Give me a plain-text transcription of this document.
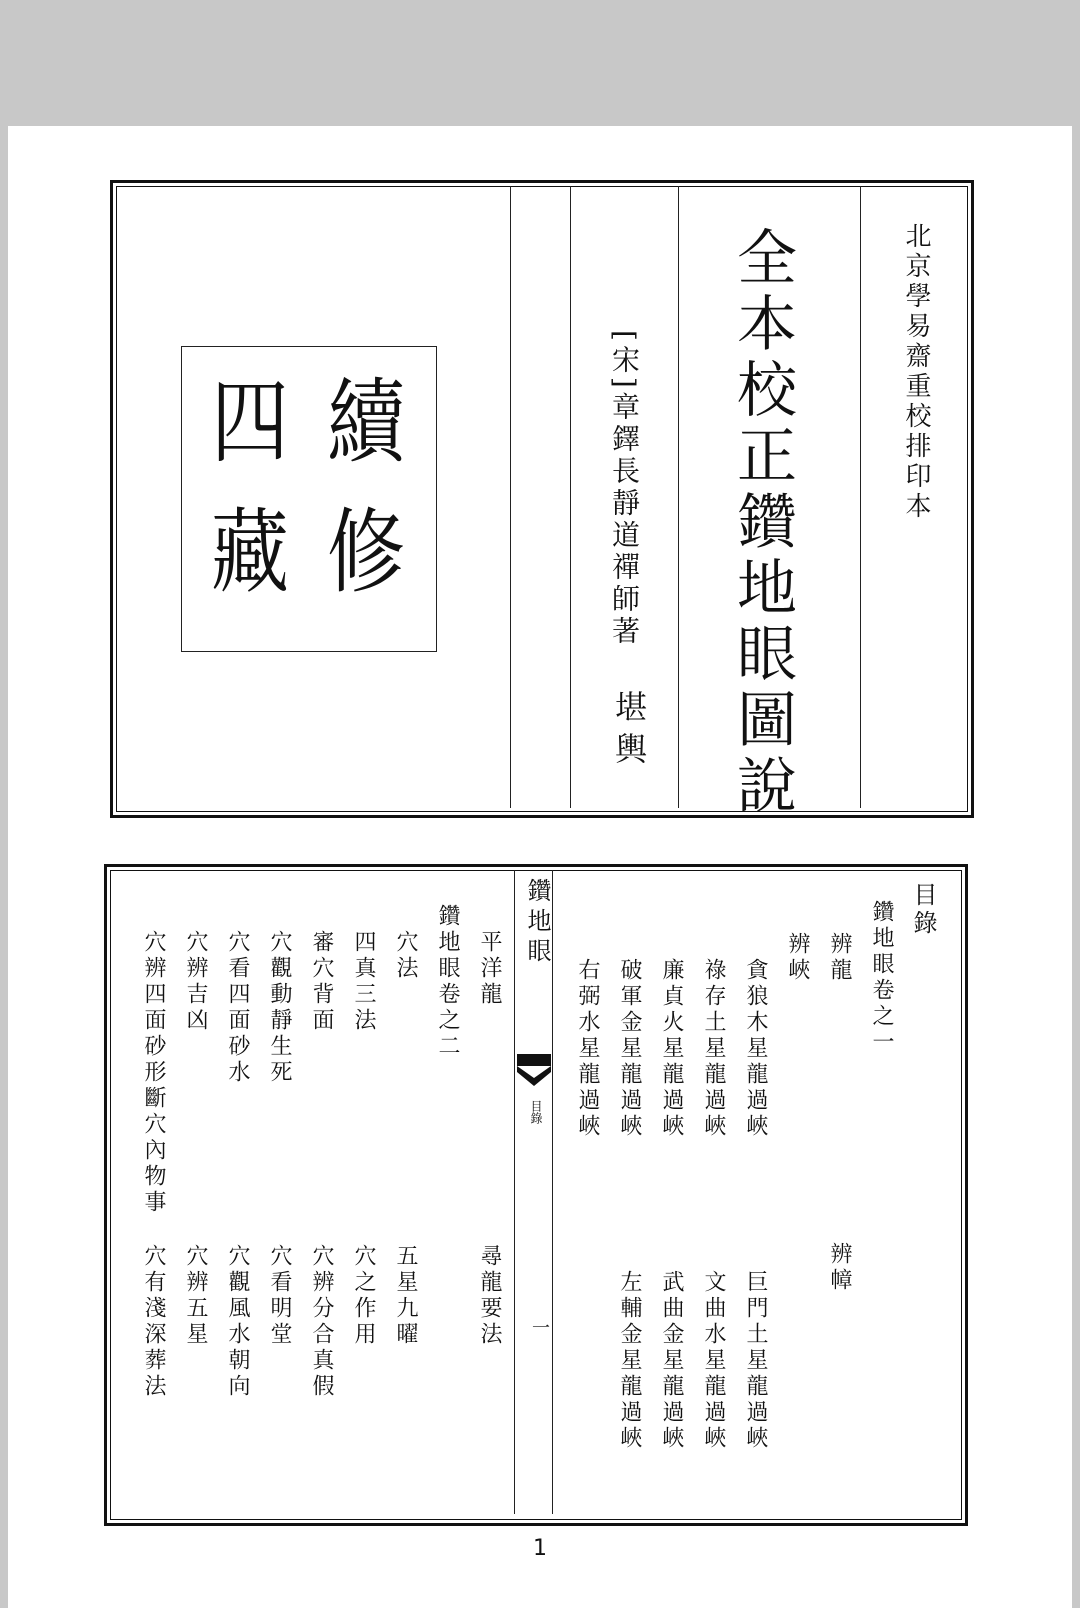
北京學易齋重校排印本
全本校正鑽地眼圖說
[宋]章鐸長靜道禪師著
堪輿
續
修
四
藏
鑽地眼
目錄
一
目錄
鑽地眼卷之一
辨龍
辨峽
辨幛
貪狼木星龍過峽
巨門土星龍過峽
祿存土星龍過峽
文曲水星龍過峽
廉貞火星龍過峽
武曲金星龍過峽
破軍金星龍過峽
左輔金星龍過峽
右弼水星龍過峽
平洋龍
尋龍要法
鑽地眼卷之二
穴法
五星九曜
四真三法
穴之作用
審穴背面
穴辨分合真假
穴觀動靜生死
穴看明堂
穴看四面砂水
穴觀風水朝向
穴辨吉凶
穴辨五星
穴辨四面砂形斷穴內物事
穴有淺深葬法
1
